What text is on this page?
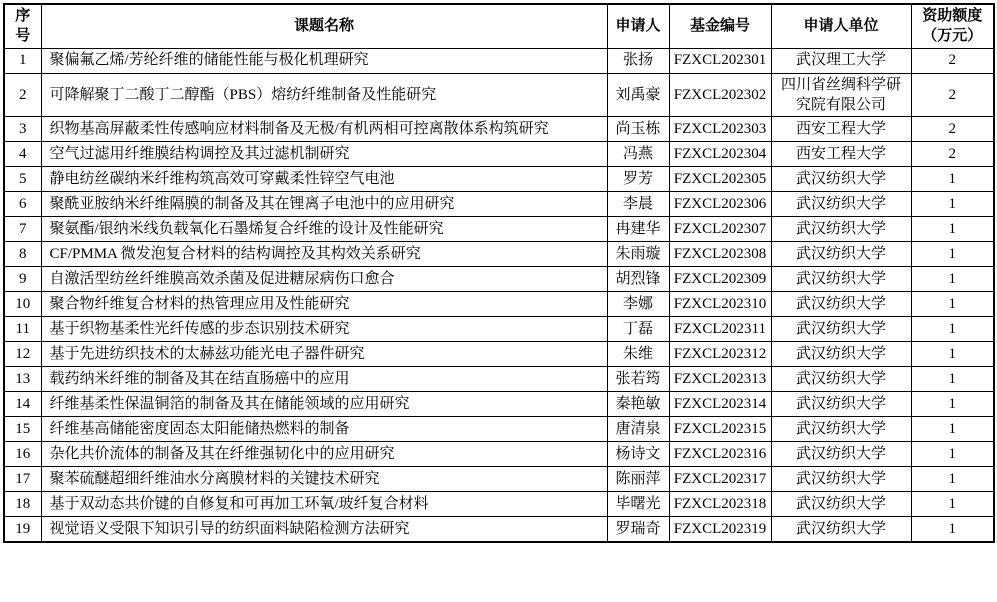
序号	课题名称	申请人	基金编号	申请人单位	资助额度（万元）
1	聚偏氟乙烯/芳纶纤维的储能性能与极化机理研究	张扬	FZXCL202301	武汉理工大学	2
2	可降解聚丁二酸丁二醇酯（PBS）熔纺纤维制备及性能研究	刘禹豪	FZXCL202302	四川省丝绸科学研究院有限公司	2
3	织物基高屏蔽柔性传感响应材料制备及无极/有机两相可控离散体系构筑研究	尚玉栋	FZXCL202303	西安工程大学	2
4	空气过滤用纤维膜结构调控及其过滤机制研究	冯燕	FZXCL202304	西安工程大学	2
5	静电纺丝碳纳米纤维构筑高效可穿戴柔性锌空气电池	罗芳	FZXCL202305	武汉纺织大学	1
6	聚酰亚胺纳米纤维隔膜的制备及其在锂离子电池中的应用研究	李晨	FZXCL202306	武汉纺织大学	1
7	聚氨酯/银纳米线负载氧化石墨烯复合纤维的设计及性能研究	冉建华	FZXCL202307	武汉纺织大学	1
8	CF/PMMA 微发泡复合材料的结构调控及其构效关系研究	朱雨璇	FZXCL202308	武汉纺织大学	1
9	自激活型纺丝纤维膜高效杀菌及促进糖尿病伤口愈合	胡烈锋	FZXCL202309	武汉纺织大学	1
10	聚合物纤维复合材料的热管理应用及性能研究	李娜	FZXCL202310	武汉纺织大学	1
11	基于织物基柔性光纤传感的步态识别技术研究	丁磊	FZXCL202311	武汉纺织大学	1
12	基于先进纺织技术的太赫兹功能光电子器件研究	朱维	FZXCL202312	武汉纺织大学	1
13	载药纳米纤维的制备及其在结直肠癌中的应用	张若筠	FZXCL202313	武汉纺织大学	1
14	纤维基柔性保温铜箔的制备及其在储能领域的应用研究	秦艳敏	FZXCL202314	武汉纺织大学	1
15	纤维基高储能密度固态太阳能储热燃料的制备	唐清泉	FZXCL202315	武汉纺织大学	1
16	杂化共价流体的制备及其在纤维强韧化中的应用研究	杨诗文	FZXCL202316	武汉纺织大学	1
17	聚苯硫醚超细纤维油水分离膜材料的关键技术研究	陈丽萍	FZXCL202317	武汉纺织大学	1
18	基于双动态共价键的自修复和可再加工环氧/玻纤复合材料	毕曙光	FZXCL202318	武汉纺织大学	1
19	视觉语义受限下知识引导的纺织面料缺陷检测方法研究	罗瑞奇	FZXCL202319	武汉纺织大学	1
